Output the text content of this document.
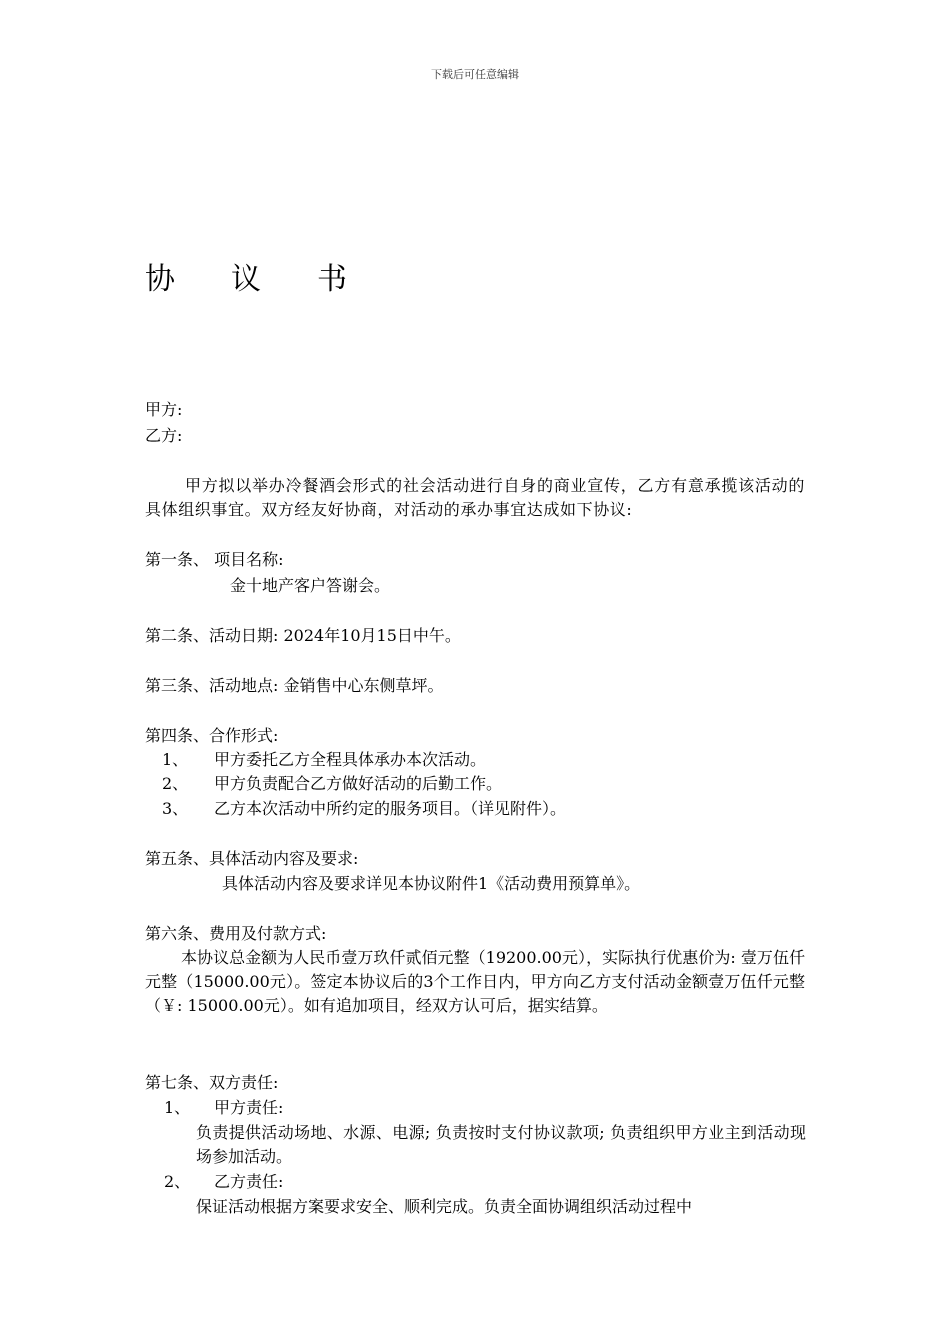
下载后可任意编辑
协议书
甲方:
乙方:
甲方拟以举办冷餐酒会形式的社会活动进行自身的商业宣传，乙方有意承揽该活动的具体组织事宜。双方经友好协商，对活动的承办事宜达成如下协议:
第一条、 项目名称:
金十地产客户答谢会。
第二条、活动日期: 2024年10月15日中午。
第三条、活动地点: 金销售中心东侧草坪。
第四条、合作形式:
1、 甲方委托乙方全程具体承办本次活动。
2、 甲方负责配合乙方做好活动的后勤工作。
3、 乙方本次活动中所约定的服务项目。（详见附件）。
第五条、具体活动内容及要求:
具体活动内容及要求详见本协议附件1《活动费用预算单》。
第六条、费用及付款方式:
本协议总金额为人民币壹万玖仟贰佰元整（19200.00元），实际执行优惠价为: 壹万伍仟元整（15000.00元）。签定本协议后的3个工作日内，甲方向乙方支付活动金额壹万伍仟元整（￥: 15000.00元）。如有追加项目，经双方认可后，据实结算。
第七条、双方责任:
1、 甲方责任:
负责提供活动场地、水源、电源; 负责按时支付协议款项; 负责组织甲方业主到活动现场参加活动。
2、 乙方责任:
保证活动根据方案要求安全、顺利完成。负责全面协调组织活动过程中
